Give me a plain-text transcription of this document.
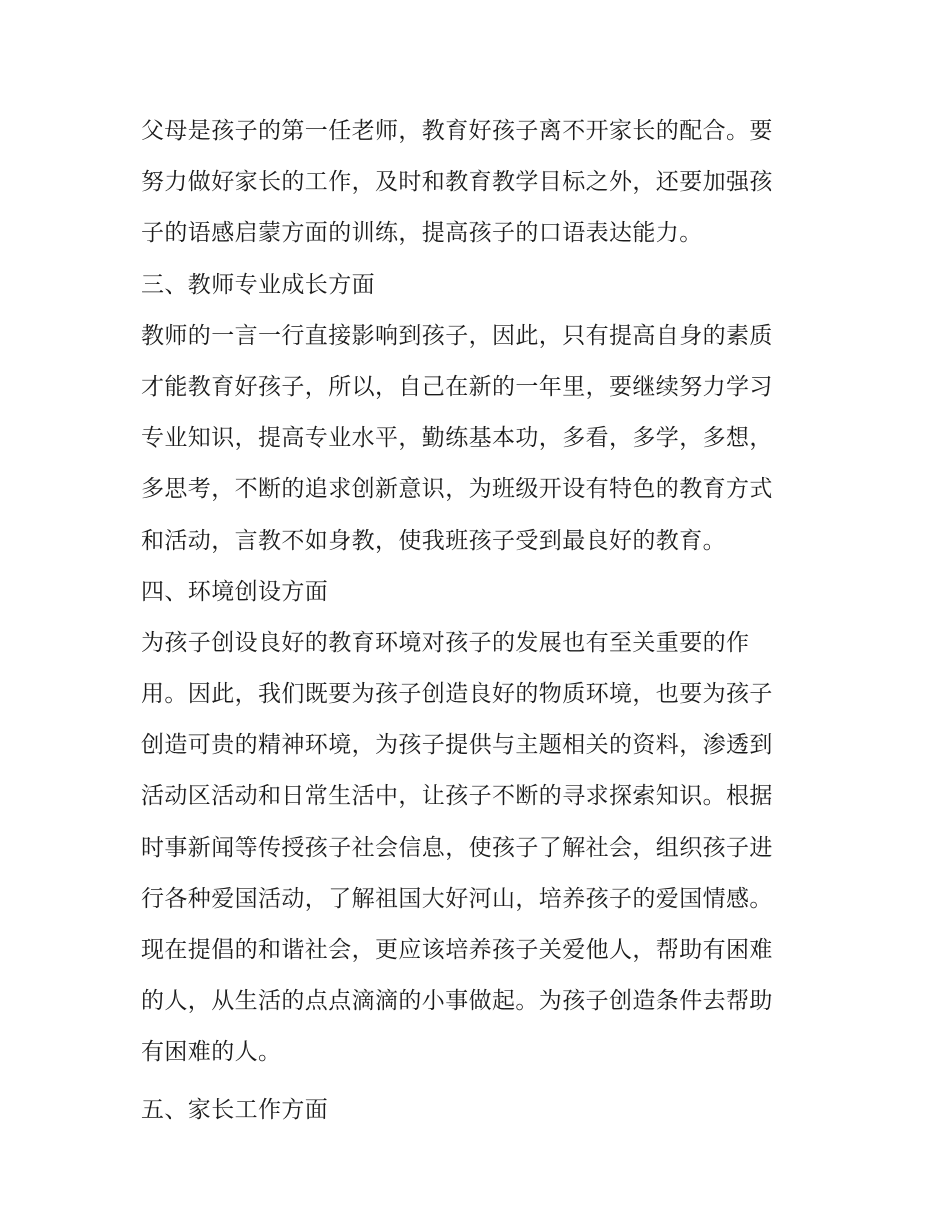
父母是孩子的第一任老师，教育好孩子离不开家长的配合。要
努力做好家长的工作，及时和教育教学目标之外，还要加强孩
子的语感启蒙方面的训练，提高孩子的口语表达能力。
三、教师专业成长方面
教师的一言一行直接影响到孩子，因此，只有提高自身的素质
才能教育好孩子，所以，自己在新的一年里，要继续努力学习
专业知识，提高专业水平，勤练基本功，多看，多学，多想，
多思考，不断的追求创新意识，为班级开设有特色的教育方式
和活动，言教不如身教，使我班孩子受到最良好的教育。
四、环境创设方面
为孩子创设良好的教育环境对孩子的发展也有至关重要的作
用。因此，我们既要为孩子创造良好的物质环境，也要为孩子
创造可贵的精神环境，为孩子提供与主题相关的资料，渗透到
活动区活动和日常生活中，让孩子不断的寻求探索知识。根据
时事新闻等传授孩子社会信息，使孩子了解社会，组织孩子进
行各种爱国活动，了解祖国大好河山，培养孩子的爱国情感。
现在提倡的和谐社会，更应该培养孩子关爱他人，帮助有困难
的人，从生活的点点滴滴的小事做起。为孩子创造条件去帮助
有困难的人。
五、家长工作方面
